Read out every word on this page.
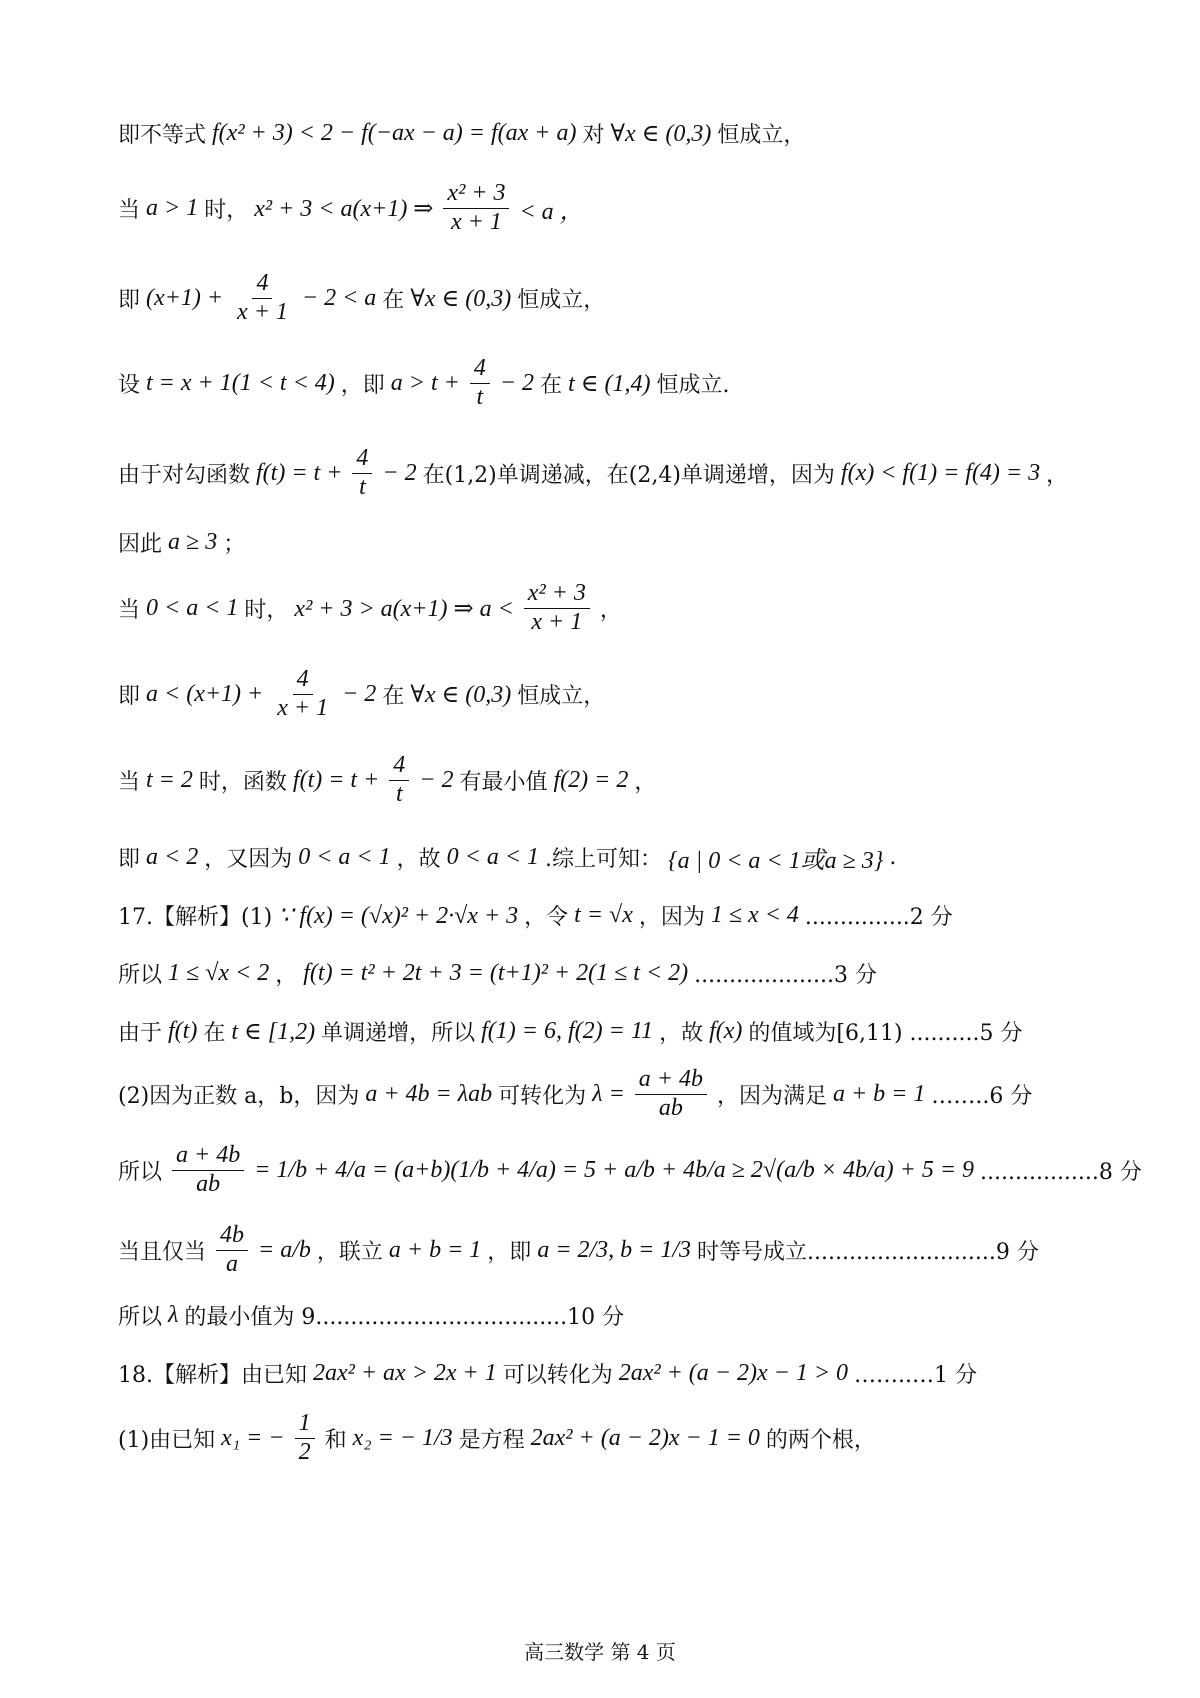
即不等式 f(x² + 3) < 2 − f(−ax − a) = f(ax + a) 对 ∀x ∈ (0,3) 恒成立，
当 a > 1 时， x² + 3 < a(x+1) ⇒ $\frac{\text{x² + 3}}{x + 1} < a$ ，
即 $(x+1) + \frac{4}{x + 1} - 2 < a$ 在 ∀x ∈ (0,3) 恒成立，
设 t = x + 1(1 < t < 4) ，即 $a > t + \frac{4}{t} - 2$ 在 t ∈ (1,4) 恒成立.
由于对勾函数 $f(t) = t + \frac{4}{t} - 2$ 在(1,2)单调递减，在(2,4)单调递增，因为 f(x) < f(1) = f(4) = 3 ，
因此 a ≥ 3 ；
当 0 < a < 1 时， x² + 3 > a(x+1) ⇒ $a < \frac{\text{x² + 3}}{x + 1}$ ，
即 $a < (x+1) + \frac{4}{x + 1} - 2$ 在 ∀x ∈ (0,3) 恒成立，
当 t = 2 时，函数 $f(t) = t + \frac{4}{t} - 2$ 有最小值 f(2) = 2 ，
即 a < 2 ，又因为 0 < a < 1 ，故 0 < a < 1 .综上可知： {a | 0 < a < 1或a ≥ 3} .
17.【解析】(1) ∵ f(x) = (√x)² + 2·√x + 3 ，令 t = √x ，因为 1 ≤ x < 4 ...............2 分
所以 1 ≤ √x < 2 ， f(t) = t² + 2t + 3 = (t+1)² + 2(1 ≤ t < 2) ....................3 分
由于 f(t) 在 t ∈ [1,2) 单调递增，所以 f(1) = 6, f(2) = 11 ，故 f(x) 的值域为[6,11) ..........5 分
(2)因为正数 a，b，因为 a + 4b = λab 可转化为 $\lambda = \frac{a + 4b}{ab}$ ，因为满足 a + b = 1 ……..6 分
所以 $\frac{a + 4b}{ab} = 1/b + 4/a = (a+b)(1/b + 4/a) = 5 + a/b + 4b/a \ge 2√(a/b \times 4b/a) + 5 = 9$ .................8 分
当且仅当 $\frac{4b}{a} = a/b$ ，联立 a + b = 1 ，即 a = 2/3, b = 1/3 时等号成立...........................9 分
所以 λ 的最小值为 9....................................10 分
18.【解析】由已知 2ax² + ax > 2x + 1 可以转化为 2ax² + (a − 2)x − 1 > 0 ……..…1 分
(1)由已知 x₁ = − $\frac{1}{2}$ 和 x₂ = − 1/3 是方程 2ax² + (a − 2)x − 1 = 0 的两个根，
高三数学 第 4 页
